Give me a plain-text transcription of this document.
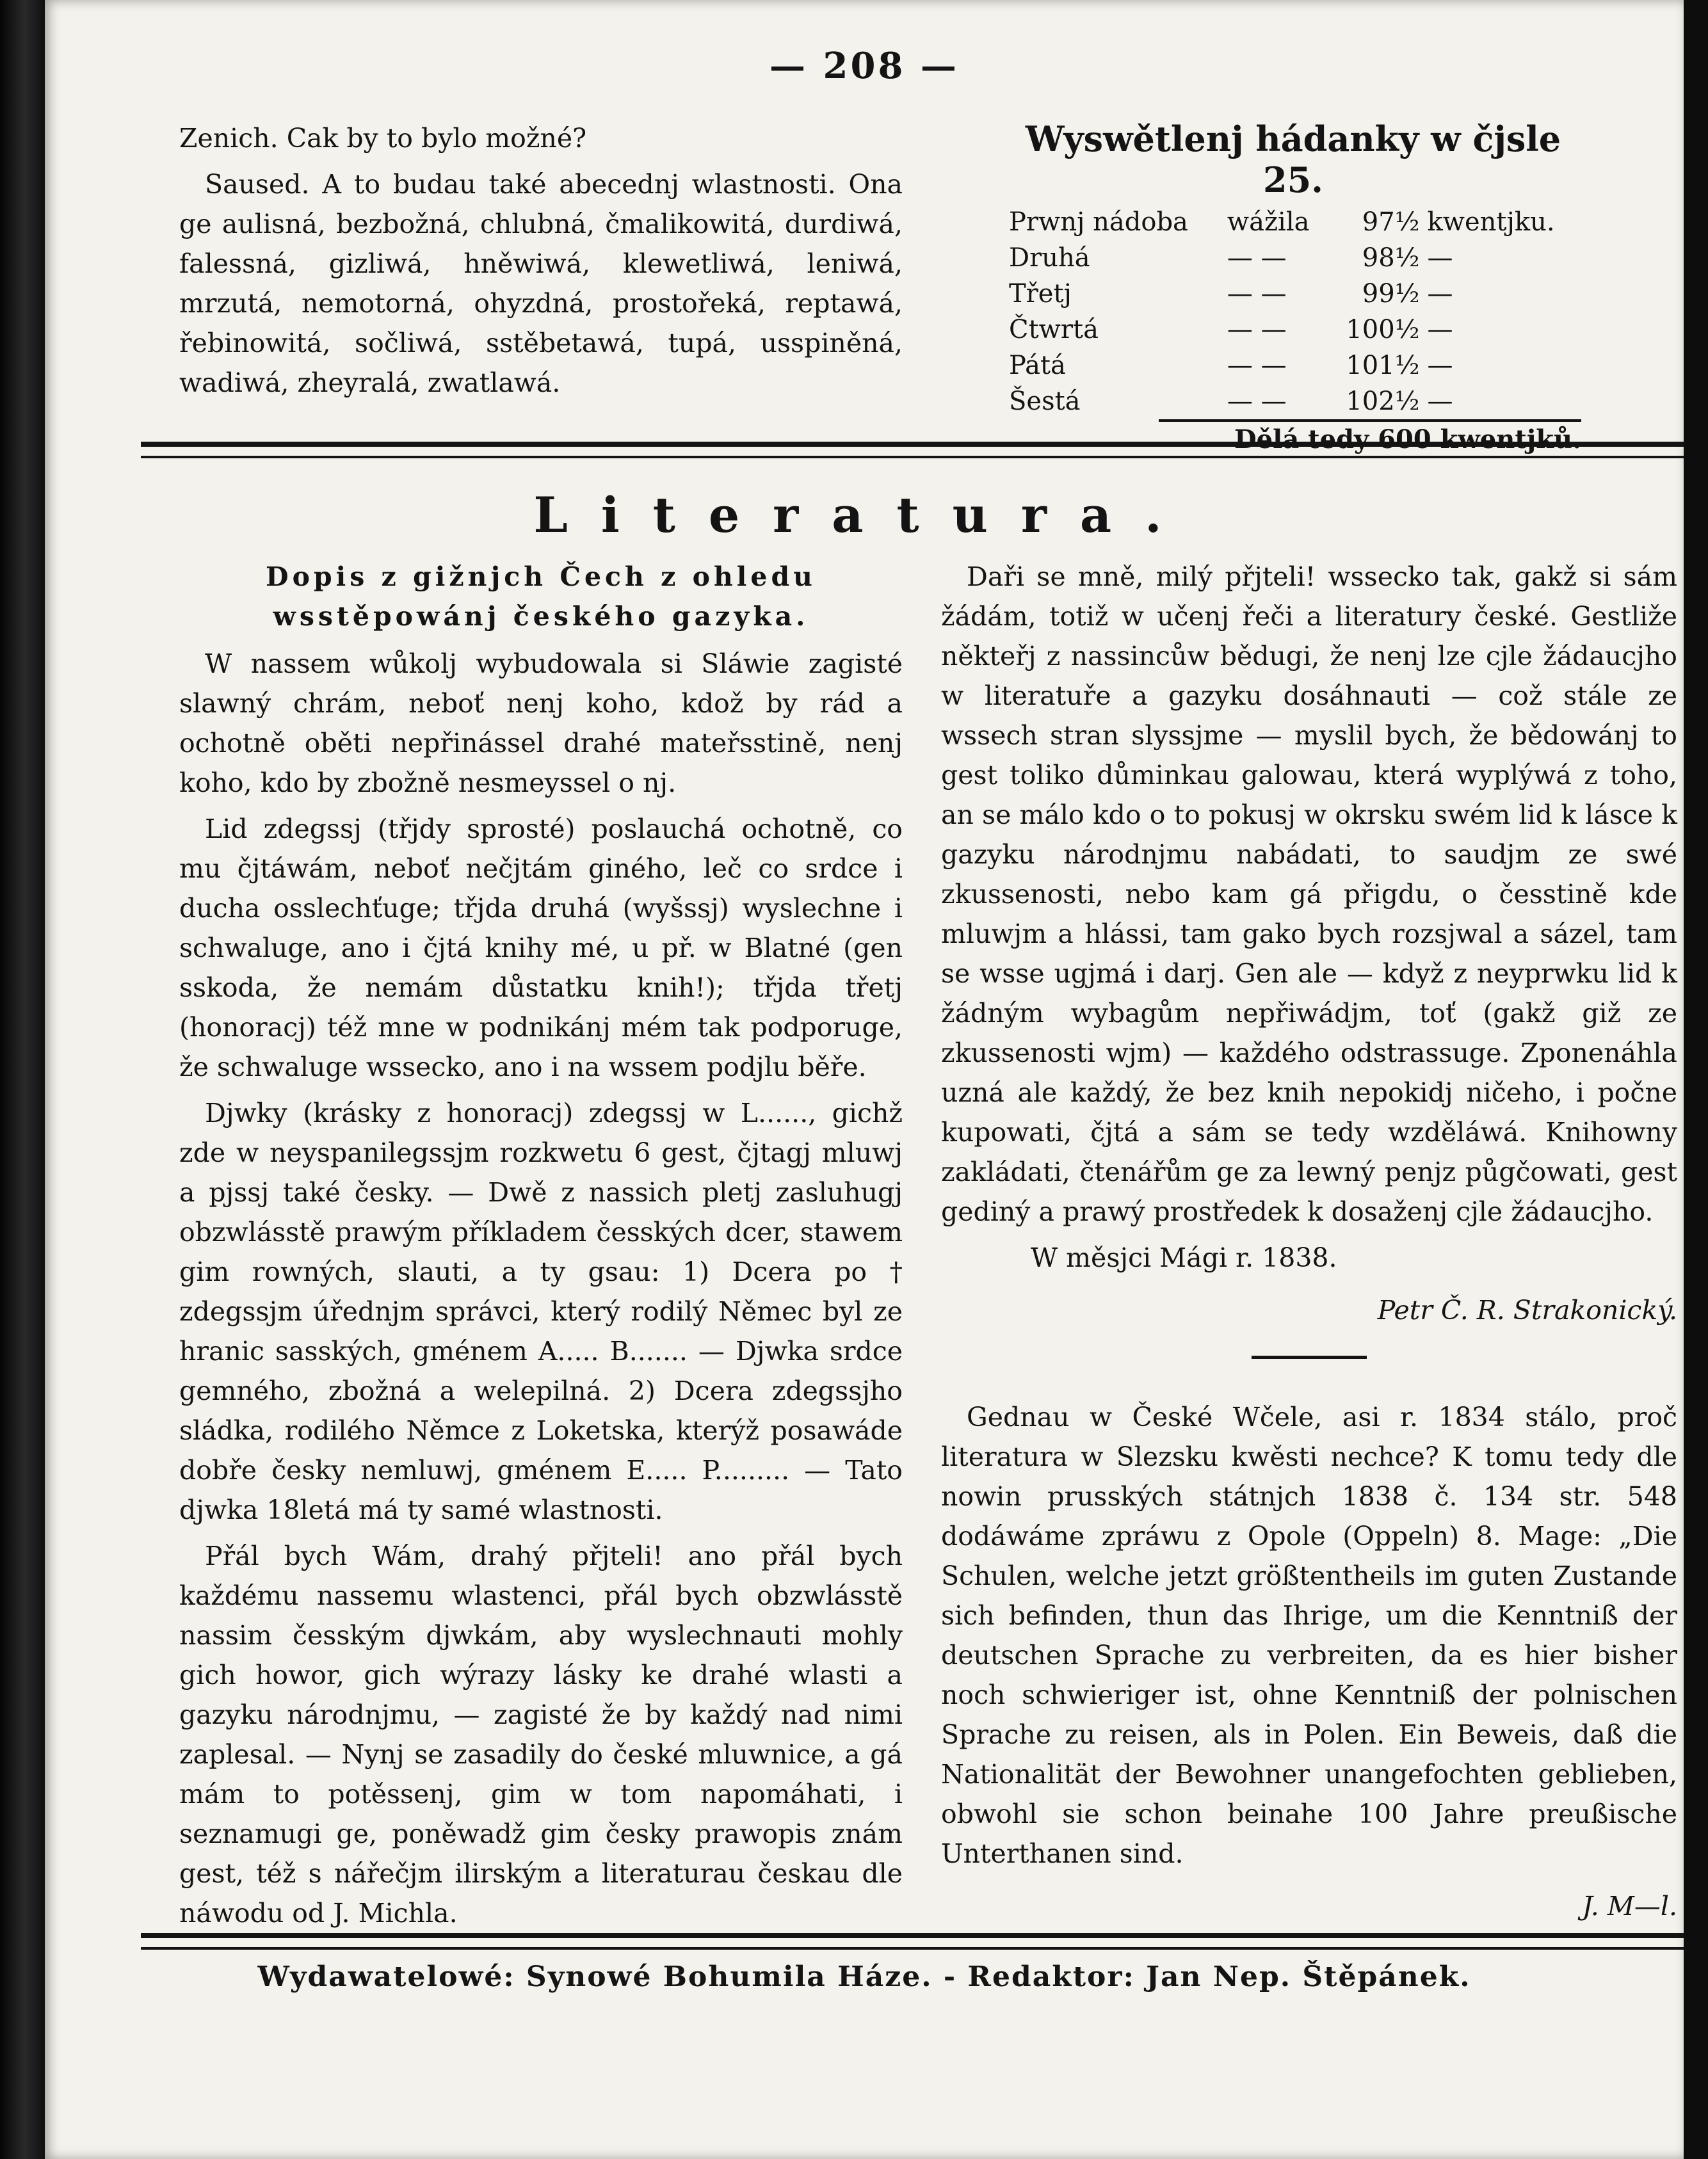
— 208 —

Zenich. Cak by to bylo možné?

Saused. A to budau také abecednj wlastnosti. Ona ge aulisná, bezbožná, chlubná, čmalikowitá, durdiwá, falessná, gizliwá, hněwiwá, klewetliwá, leniwá, mrzutá, nemotorná, ohyzdná, prostořeká, reptawá, řebinowitá, sočliwá, sstěbetawá, tupá, usspiněná, wadiwá, zheyralá, zwatlawá.

Wyswětlenj hádanky w čjsle 25.
Prwnj nádoba	wážila	97½	kwentjku.
Druhá	— —	98½	—
Třetj	— —	99½	—
Čtwrtá	— —	100½	—
Pátá	— —	101½	—
Šestá	— —	102½	—
Dělá tedy 600 kwentjků.
Literatura.
Dopis z gižnjch Čech z ohledu wsstěpowánj českého gazyka.

W nassem wůkolj wybudowala si Sláwie zagisté slawný chrám, neboť nenj koho, kdož by rád a ochotně oběti nepřinássel drahé mateřsstině, nenj koho, kdo by zbožně nesmeyssel o nj.

Lid zdegssj (třjdy sprosté) poslauchá ochotně, co mu čjtáwám, neboť nečjtám giného, leč co srdce i ducha osslechťuge; třjda druhá (wyšssj) wyslechne i schwaluge, ano i čjtá knihy mé, u př. w Blatné (gen sskoda, že nemám důstatku knih!); třjda třetj (honoracj) též mne w podnikánj mém tak podporuge, že schwaluge wssecko, ano i na wssem podjlu běře.

Djwky (krásky z honoracj) zdegssj w L......, gichž zde w neyspanilegssjm rozkwetu 6 gest, čjtagj mluwj a pjssj také česky. — Dwě z nassich pletj zasluhugj obzwlásstě prawým příkladem česských dcer, stawem gim rowných, slauti, a ty gsau: 1) Dcera po † zdegssjm úřednjm správci, který rodilý Němec byl ze hranic sasských, gménem A..... B....... — Djwka srdce gemného, zbožná a welepilná. 2) Dcera zdegssjho sládka, rodilého Němce z Loketska, kterýž posawáde dobře česky nemluwj, gménem E..... P......... — Tato djwka 18letá má ty samé wlastnosti.

Přál bych Wám, drahý přjteli! ano přál bych každému nassemu wlastenci, přál bych obzwlásstě nassim česským djwkám, aby wyslechnauti mohly gich howor, gich wýrazy lásky ke drahé wlasti a gazyku národnjmu, — zagisté že by každý nad nimi zaplesal. — Nynj se zasadily do české mluwnice, a gá mám to potěssenj, gim w tom napomáhati, i seznamugi ge, poněwadž gim česky prawopis znám gest, též s nářečjm ilirským a literaturau českau dle náwodu od J. Michla.

Daři se mně, milý přjteli! wssecko tak, gakž si sám žádám, totiž w učenj řeči a literatury české. Gestliže někteřj z nassincůw bědugi, že nenj lze cjle žádaucjho w literatuře a gazyku dosáhnauti — což stále ze wssech stran slyssjme — myslil bych, že bědowánj to gest toliko důminkau galowau, která wyplýwá z toho, an se málo kdo o to pokusj w okrsku swém lid k lásce k gazyku národnjmu nabádati, to saudjm ze swé zkussenosti, nebo kam gá přigdu, o česstině kde mluwjm a hlássi, tam gako bych rozsjwal a sázel, tam se wsse ugjmá i darj. Gen ale — když z neyprwku lid k žádným wybagům nepřiwádjm, toť (gakž giž ze zkussenosti wjm) — každého odstrassuge. Zponenáhla uzná ale každý, že bez knih nepokidj ničeho, i počne kupowati, čjtá a sám se tedy wzděláwá. Knihowny zakládati, čtenářům ge za lewný penjz půgčowati, gest gediný a prawý prostředek k dosaženj cjle žádaucjho.

W měsjci Mági r. 1838.

Petr Č. R. Strakonický.

Gednau w České Wčele, asi r. 1834 stálo, proč literatura w Slezsku kwěsti nechce? K tomu tedy dle nowin prusských státnjch 1838 č. 134 str. 548 dodáwáme zpráwu z Opole (Oppeln) 8. Mage: „Die Schulen, welche jetzt größtentheils im guten Zustande sich befinden, thun das Ihrige, um die Kenntniß der deutschen Sprache zu verbreiten, da es hier bisher noch schwieriger ist, ohne Kenntniß der polnischen Sprache zu reisen, als in Polen. Ein Beweis, daß die Nationalität der Bewohner unangefochten geblieben, obwohl sie schon beinahe 100 Jahre preußische Unterthanen sind.

J. M—l.
Wydawatelowé: Synowé Bohumila Háze. - Redaktor: Jan Nep. Štěpánek.
